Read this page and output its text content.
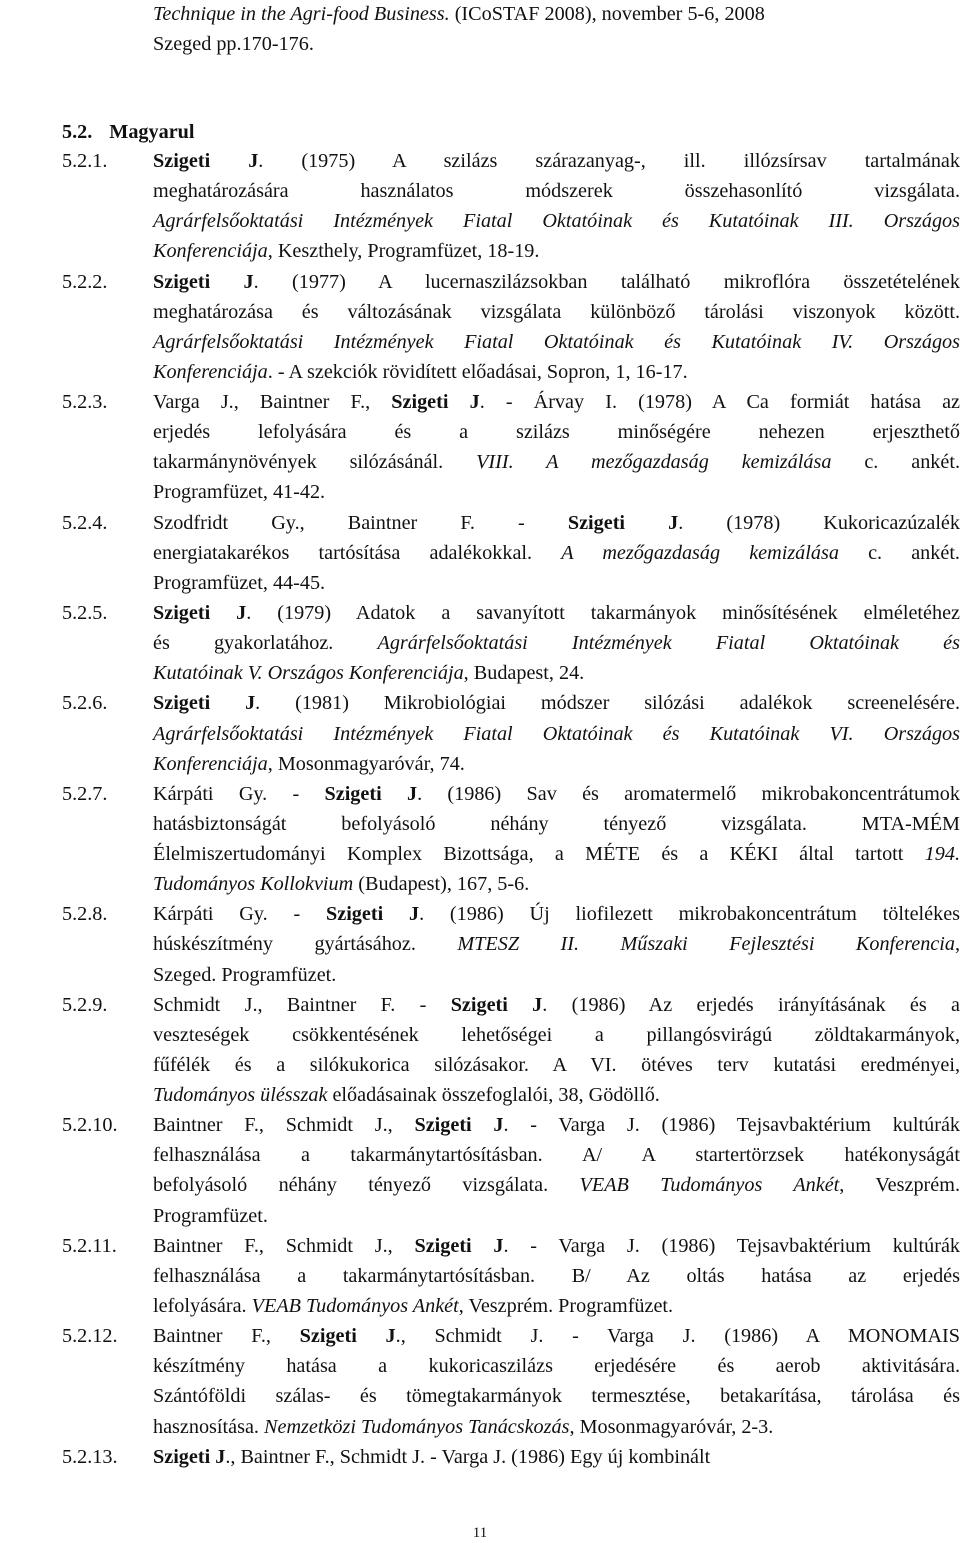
Technique in the Agri-food Business. (ICoSTAF 2008), november 5-6, 2008
Szeged pp.170-176.
5.2. Magyarul
5.2.1. Szigeti J. (1975) A szilázs szárazanyag-, ill. illózsírsav tartalmának
meghatározására használatos módszerek összehasonlító vizsgálata.
Agrárfelsőoktatási Intézmények Fiatal Oktatóinak és Kutatóinak III. Országos
Konferenciája, Keszthely, Programfüzet, 18-19.
5.2.2. Szigeti J. (1977) A lucernaszilázsokban található mikroflóra összetételének
meghatározása és változásának vizsgálata különböző tárolási viszonyok között.
Agrárfelsőoktatási Intézmények Fiatal Oktatóinak és Kutatóinak IV. Országos
Konferenciája. - A szekciók rövidített előadásai, Sopron, 1, 16-17.
5.2.3. Varga J., Baintner F., Szigeti J. - Árvay I. (1978) A Ca formiát hatása az
erjedés lefolyására és a szilázs minőségére nehezen erjeszthető
takarmánynövények silózásánál. VIII. A mezőgazdaság kemizálása c. ankét.
Programfüzet, 41-42.
5.2.4. Szodfridt Gy., Baintner F. - Szigeti J. (1978) Kukoricazúzalék
energiatakarékos tartósítása adalékokkal. A mezőgazdaság kemizálása c. ankét.
Programfüzet, 44-45.
5.2.5. Szigeti J. (1979) Adatok a savanyított takarmányok minősítésének elméletéhez
és gyakorlatához. Agrárfelsőoktatási Intézmények Fiatal Oktatóinak és
Kutatóinak V. Országos Konferenciája, Budapest, 24.
5.2.6. Szigeti J. (1981) Mikrobiológiai módszer silózási adalékok screenelésére.
Agrárfelsőoktatási Intézmények Fiatal Oktatóinak és Kutatóinak VI. Országos
Konferenciája, Mosonmagyaróvár, 74.
5.2.7. Kárpáti Gy. - Szigeti J. (1986) Sav és aromatermelő mikrobakoncentrátumok
hatásbiztonságát befolyásoló néhány tényező vizsgálata. MTA-MÉM
Élelmiszertudományi Komplex Bizottsága, a MÉTE és a KÉKI által tartott 194.
Tudományos Kollokvium (Budapest), 167, 5-6.
5.2.8. Kárpáti Gy. - Szigeti J. (1986) Új liofilezett mikrobakoncentrátum töltelékes
húskészítmény gyártásához. MTESZ II. Műszaki Fejlesztési Konferencia,
Szeged. Programfüzet.
5.2.9. Schmidt J., Baintner F. - Szigeti J. (1986) Az erjedés irányításának és a
veszteségek csökkentésének lehetőségei a pillangósvirágú zöldtakarmányok,
fűfélék és a silókukorica silózásakor. A VI. ötéves terv kutatási eredményei,
Tudományos ülésszak előadásainak összefoglalói, 38, Gödöllő.
5.2.10. Baintner F., Schmidt J., Szigeti J. - Varga J. (1986) Tejsavbaktérium kultúrák
felhasználása a takarmánytartósításban. A/ A startertörzsek hatékonyságát
befolyásoló néhány tényező vizsgálata. VEAB Tudományos Ankét, Veszprém.
Programfüzet.
5.2.11. Baintner F., Schmidt J., Szigeti J. - Varga J. (1986) Tejsavbaktérium kultúrák
felhasználása a takarmánytartósításban. B/ Az oltás hatása az erjedés
lefolyására. VEAB Tudományos Ankét, Veszprém. Programfüzet.
5.2.12. Baintner F., Szigeti J., Schmidt J. - Varga J. (1986) A MONOMAIS
készítmény hatása a kukoricaszilázs erjedésére és aerob aktivitására.
Szántóföldi szálas- és tömegtakarmányok termesztése, betakarítása, tárolása és
hasznosítása. Nemzetközi Tudományos Tanácskozás, Mosonmagyaróvár, 2-3.
5.2.13. Szigeti J., Baintner F., Schmidt J. - Varga J. (1986) Egy új kombinált
11
